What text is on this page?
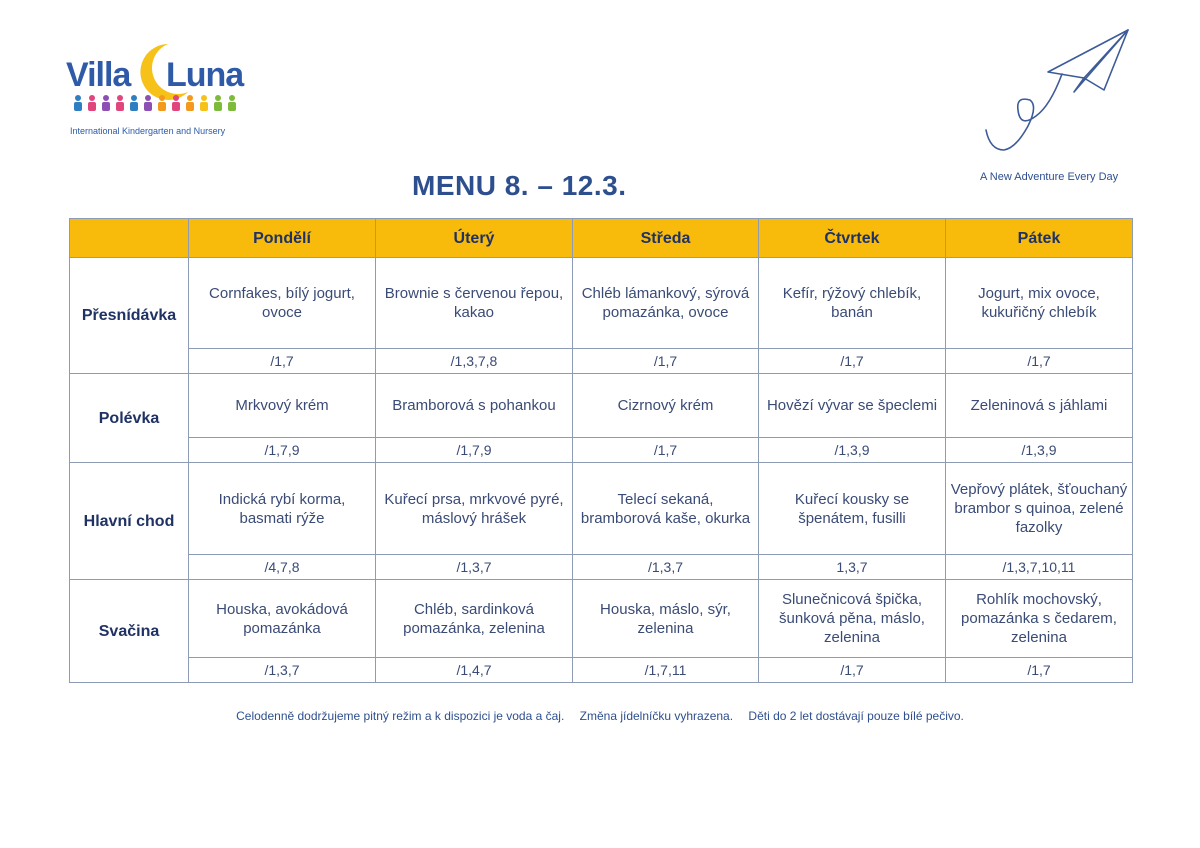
Villa Luna
International Kindergarten and Nursery
A New Adventure Every Day
MENU 8. – 12.3.
	Pondělí	Úterý	Středa	Čtvrtek	Pátek
Přesnídávka	Cornfakes, bílý jogurt, ovoce	Brownie s červenou řepou, kakao	Chléb lámankový, sýrová pomazánka, ovoce	Kefír, rýžový chlebík, banán	Jogurt, mix ovoce, kukuřičný chlebík
	/1,7	/1,3,7,8	/1,7	/1,7	/1,7
Polévka	Mrkvový krém	Bramborová s pohankou	Cizrnový krém	Hovězí vývar se špeclemi	Zeleninová s jáhlami
	/1,7,9	/1,7,9	/1,7	/1,3,9	/1,3,9
Hlavní chod	Indická rybí korma, basmati rýže	Kuřecí prsa, mrkvové pyré, máslový hrášek	Telecí sekaná, bramborová kaše, okurka	Kuřecí kousky se špenátem, fusilli	Vepřový plátek, šťouchaný brambor s quinoa, zelené fazolky
	/4,7,8	/1,3,7	/1,3,7	1,3,7	/1,3,7,10,11
Svačina	Houska, avokádová pomazánka	Chléb, sardinková pomazánka, zelenina	Houska, máslo, sýr, zelenina	Slunečnicová špička, šunková pěna, máslo, zelenina	Rohlík mochovský, pomazánka s čedarem, zelenina
	/1,3,7	/1,4,7	/1,7,11	/1,7	/1,7
Celodenně dodržujeme pitný režim a k dispozici je voda a čaj. Změna jídelníčku vyhrazena. Děti do 2 let dostávají pouze bílé pečivo.
